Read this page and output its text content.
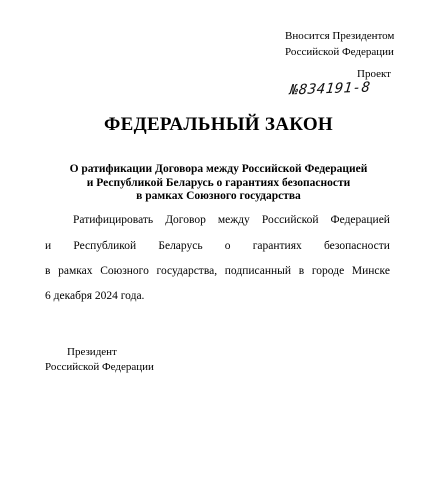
Вносится Президентом
Российской Федерации
Проект
№834191-8
ФЕДЕРАЛЬНЫЙ ЗАКОН
О ратификации Договора между Российской Федерацией
и Республикой Беларусь о гарантиях безопасности
в рамках Союзного государства
Ратифицировать Договор между Российской Федерацией
и Республикой Беларусь о гарантиях безопасности
в рамках Союзного государства, подписанный в городе Минске
6 декабря 2024 года.
Президент
Российской Федерации
